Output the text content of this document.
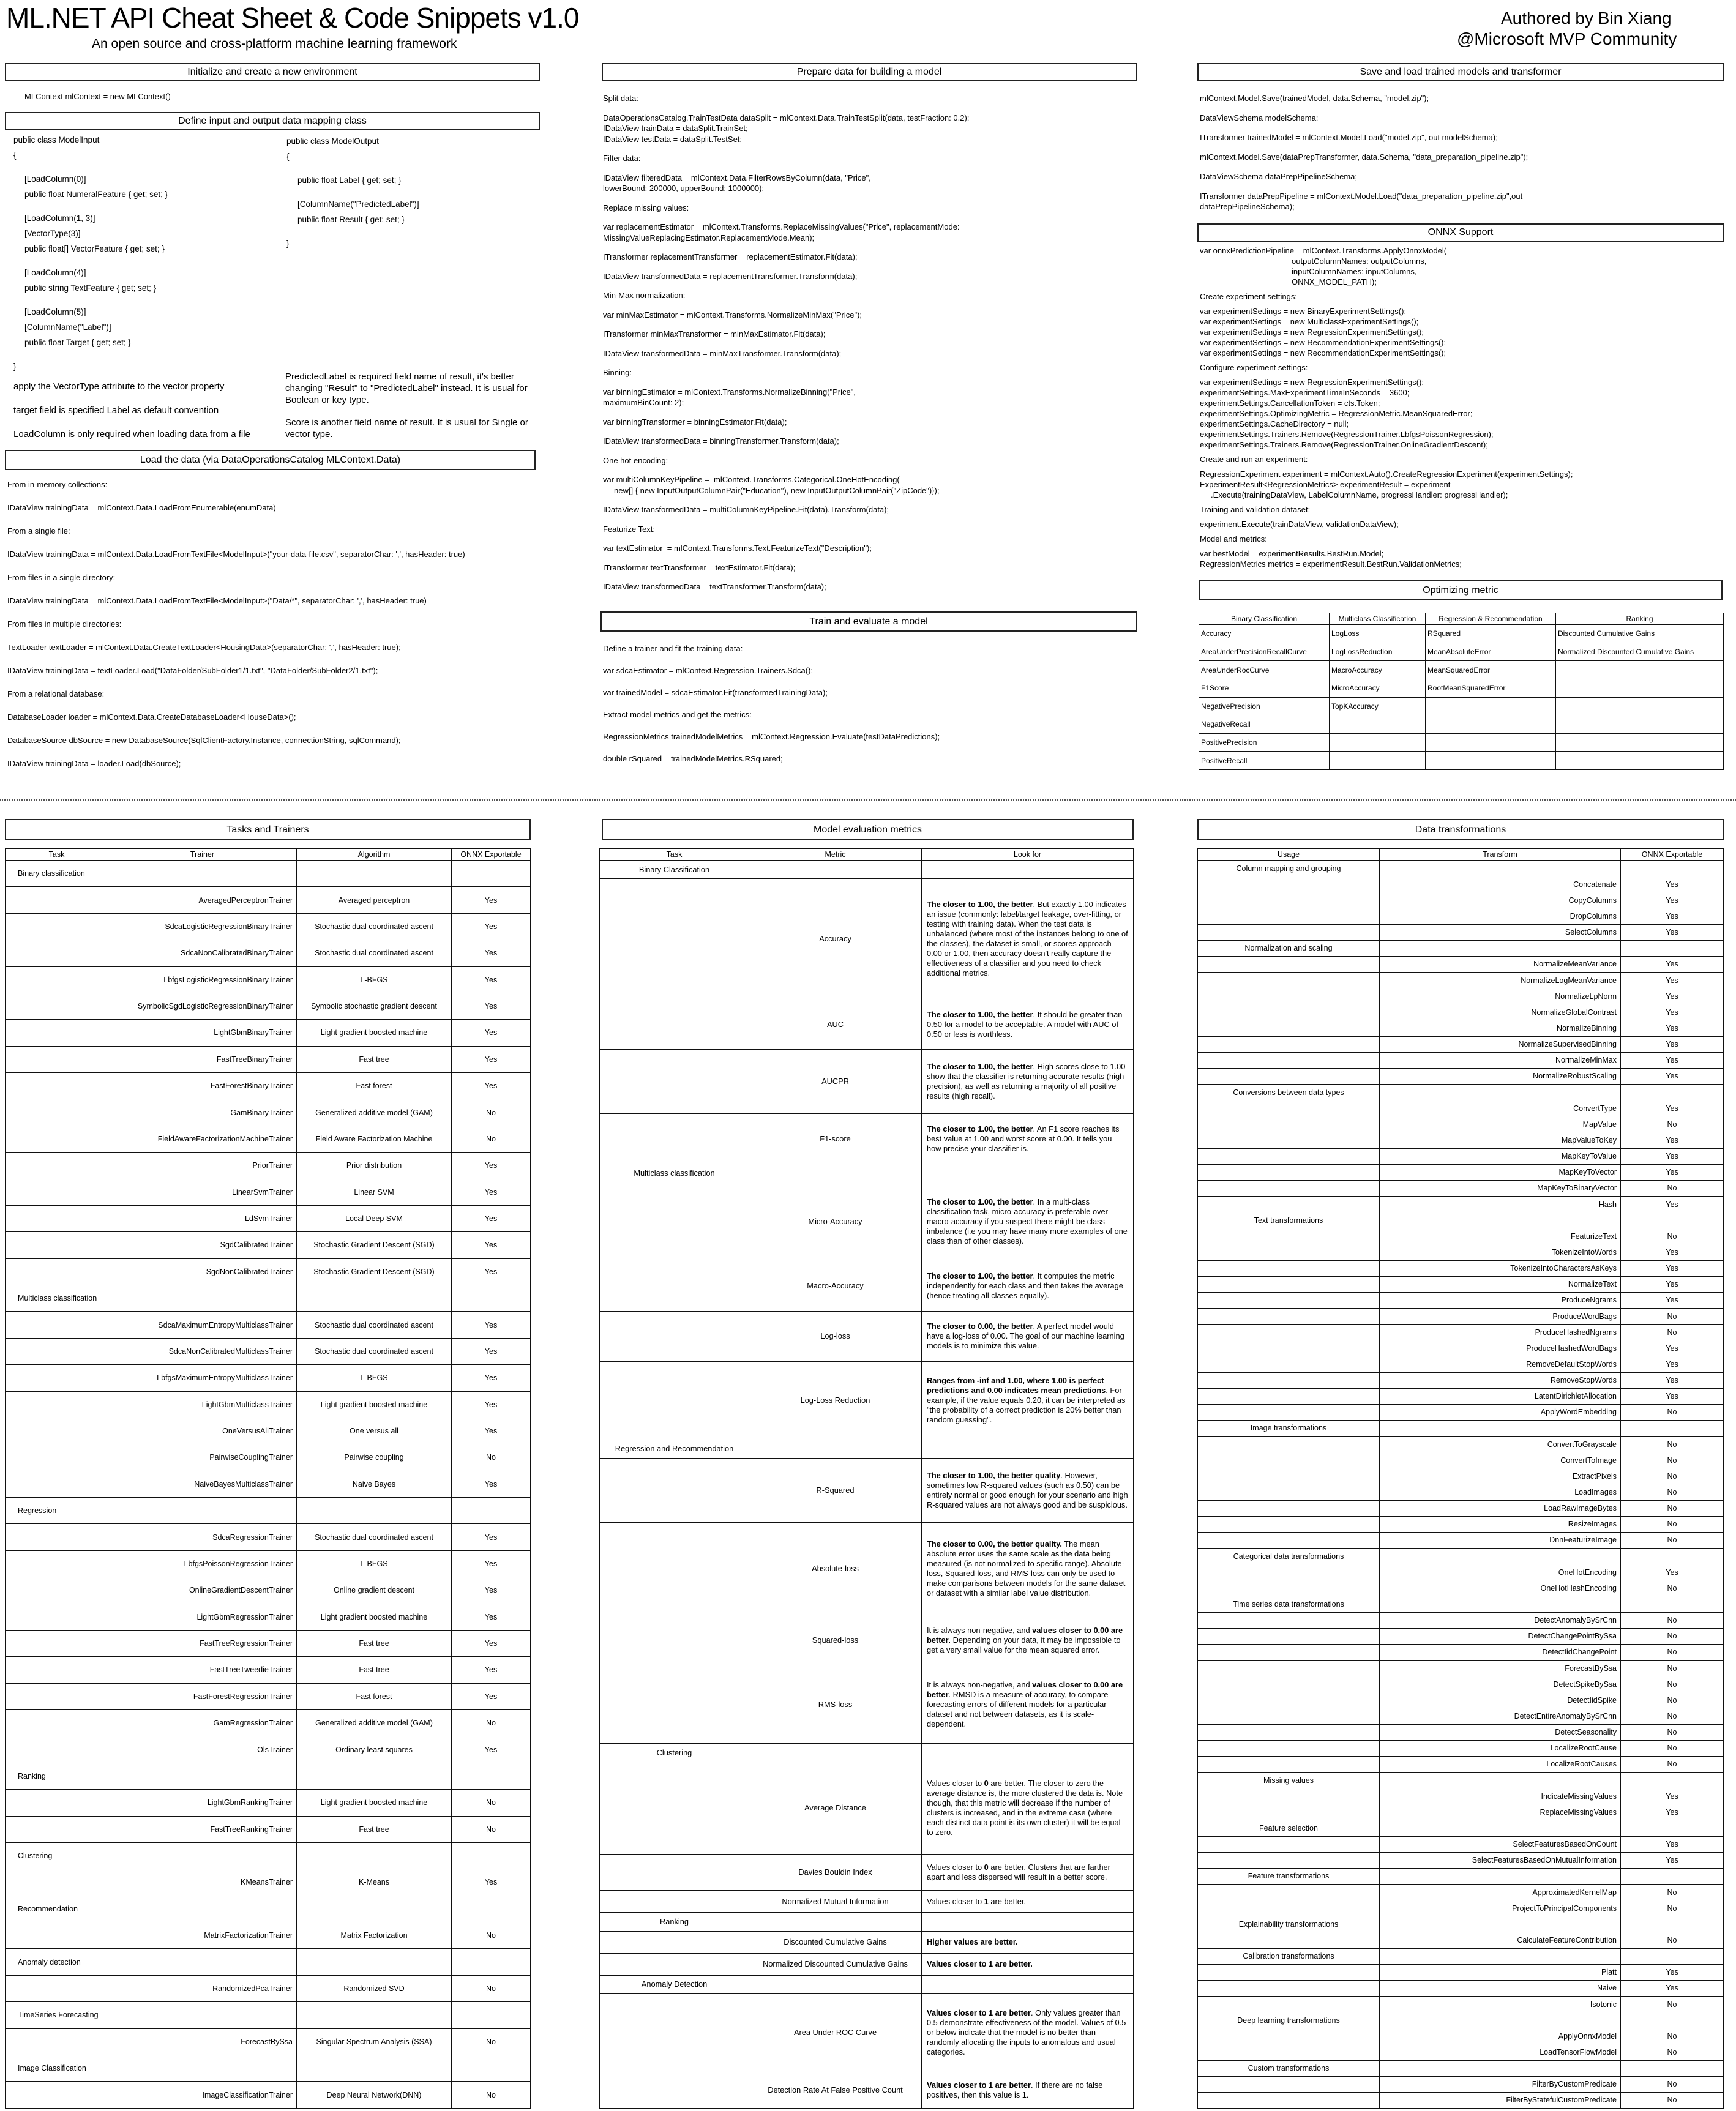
ML.NET API Cheat Sheet & Code Snippets v1.0
An open source and cross-platform machine learning framework
Authored by Bin Xiang
@Microsoft MVP Community
Initialize and create a new environment
MLContext mlContext = new MLContext()
Define input and output data mapping class
public class ModelInput
{
[LoadColumn(0)]
public float NumeralFeature { get; set; }
[LoadColumn(1, 3)]
[VectorType(3)]
public float[] VectorFeature { get; set; }
[LoadColumn(4)]
public string TextFeature { get; set; }
[LoadColumn(5)]
[ColumnName("Label")]
public float Target { get; set; }
}
public class ModelOutput
{
public float Label { get; set; }
[ColumnName("PredictedLabel")]
public float Result { get; set; }
}
apply the VectorType attribute to the vector property
target field is specified Label as default convention
LoadColumn is only required when loading data from a file
PredictedLabel is required field name of result, it's better changing "Result" to "PredictedLabel" instead. It is usual for Boolean or key type.
Score is another field name of result. It is usual for Single or vector type.
Load the data (via DataOperationsCatalog MLContext.Data)
From in-memory collections:
IDataView trainingData = mlContext.Data.LoadFromEnumerable(enumData)
From a single file:
IDataView trainingData = mlContext.Data.LoadFromTextFile<ModelInput>("your-data-file.csv", separatorChar: ',', hasHeader: true)
From files in a single directory:
IDataView trainingData = mlContext.Data.LoadFromTextFile<ModelInput>("Data/*", separatorChar: ',', hasHeader: true)
From files in multiple directories:
TextLoader textLoader = mlContext.Data.CreateTextLoader<HousingData>(separatorChar: ',', hasHeader: true);
IDataView trainingData = textLoader.Load("DataFolder/SubFolder1/1.txt", "DataFolder/SubFolder2/1.txt");
From a relational database:
DatabaseLoader loader = mlContext.Data.CreateDatabaseLoader<HouseData>();
DatabaseSource dbSource = new DatabaseSource(SqlClientFactory.Instance, connectionString, sqlCommand);
IDataView trainingData = loader.Load(dbSource);
Prepare data for building a model
Split data:
DataOperationsCatalog.TrainTestData dataSplit = mlContext.Data.TrainTestSplit(data, testFraction: 0.2);
IDataView trainData = dataSplit.TrainSet;
IDataView testData = dataSplit.TestSet;
Filter data:
IDataView filteredData = mlContext.Data.FilterRowsByColumn(data, "Price",
lowerBound: 200000, upperBound: 1000000);
Replace missing values:
var replacementEstimator = mlContext.Transforms.ReplaceMissingValues("Price", replacementMode:
MissingValueReplacingEstimator.ReplacementMode.Mean);
ITransformer replacementTransformer = replacementEstimator.Fit(data);
IDataView transformedData = replacementTransformer.Transform(data);
Min-Max normalization:
var minMaxEstimator = mlContext.Transforms.NormalizeMinMax("Price");
ITransformer minMaxTransformer = minMaxEstimator.Fit(data);
IDataView transformedData = minMaxTransformer.Transform(data);
Binning:
var binningEstimator = mlContext.Transforms.NormalizeBinning("Price",
maximumBinCount: 2);
var binningTransformer = binningEstimator.Fit(data);
IDataView transformedData = binningTransformer.Transform(data);
One hot encoding:
var multiColumnKeyPipeline =  mlContext.Transforms.Categorical.OneHotEncoding(
new[] { new InputOutputColumnPair("Education"), new InputOutputColumnPair("ZipCode")});
IDataView transformedData = multiColumnKeyPipeline.Fit(data).Transform(data);
Featurize Text:
var textEstimator  = mlContext.Transforms.Text.FeaturizeText("Description");
ITransformer textTransformer = textEstimator.Fit(data);
IDataView transformedData = textTransformer.Transform(data);
Train and evaluate a model
Define a trainer and fit the training data:
var sdcaEstimator = mlContext.Regression.Trainers.Sdca();
var trainedModel = sdcaEstimator.Fit(transformedTrainingData);
Extract model metrics and get the metrics:
RegressionMetrics trainedModelMetrics = mlContext.Regression.Evaluate(testDataPredictions);
double rSquared = trainedModelMetrics.RSquared;
Save and load trained models and transformer
mlContext.Model.Save(trainedModel, data.Schema, "model.zip");
DataViewSchema modelSchema;
ITransformer trainedModel = mlContext.Model.Load("model.zip", out modelSchema);
mlContext.Model.Save(dataPrepTransformer, data.Schema, "data_preparation_pipeline.zip");
DataViewSchema dataPrepPipelineSchema;
ITransformer dataPrepPipeline = mlContext.Model.Load("data_preparation_pipeline.zip",out
dataPrepPipelineSchema);
ONNX Support
var onnxPredictionPipeline = mlContext.Transforms.ApplyOnnxModel(
outputColumnNames: outputColumns,
inputColumnNames: inputColumns,
ONNX_MODEL_PATH);
Create experiment settings:
var experimentSettings = new BinaryExperimentSettings();
var experimentSettings = new MulticlassExperimentSettings();
var experimentSettings = new RegressionExperimentSettings();
var experimentSettings = new RecommendationExperimentSettings();
var experimentSettings = new RecommendationExperimentSettings();
Configure experiment settings:
var experimentSettings = new RegressionExperimentSettings();
experimentSettings.MaxExperimentTimeInSeconds = 3600;
experimentSettings.CancellationToken = cts.Token;
experimentSettings.OptimizingMetric = RegressionMetric.MeanSquaredError;
experimentSettings.CacheDirectory = null;
experimentSettings.Trainers.Remove(RegressionTrainer.LbfgsPoissonRegression);
experimentSettings.Trainers.Remove(RegressionTrainer.OnlineGradientDescent);
Create and run an experiment:
RegressionExperiment experiment = mlContext.Auto().CreateRegressionExperiment(experimentSettings);
ExperimentResult<RegressionMetrics> experimentResult = experiment
.Execute(trainingDataView, LabelColumnName, progressHandler: progressHandler);
Training and validation dataset:
experiment.Execute(trainDataView, validationDataView);
Model and metrics:
var bestModel = experimentResults.BestRun.Model;
RegressionMetrics metrics = experimentResult.BestRun.ValidationMetrics;
Optimizing metric
Binary Classification	Multiclass Classification	Regression & Recommendation	Ranking
Accuracy	LogLoss	RSquared	Discounted Cumulative Gains
AreaUnderPrecisionRecallCurve	LogLossReduction	MeanAbsoluteError	Normalized Discounted Cumulative Gains
AreaUnderRocCurve	MacroAccuracy	MeanSquaredError	
F1Score	MicroAccuracy	RootMeanSquaredError	
NegativePrecision	TopKAccuracy		
NegativeRecall			
PositivePrecision			
PositiveRecall			
Tasks and Trainers
Task	Trainer	Algorithm	ONNX Exportable
Binary classification			
	AveragedPerceptronTrainer	Averaged perceptron	Yes
	SdcaLogisticRegressionBinaryTrainer	Stochastic dual coordinated ascent	Yes
	SdcaNonCalibratedBinaryTrainer	Stochastic dual coordinated ascent	Yes
	LbfgsLogisticRegressionBinaryTrainer	L-BFGS	Yes
	SymbolicSgdLogisticRegressionBinaryTrainer	Symbolic stochastic gradient descent	Yes
	LightGbmBinaryTrainer	Light gradient boosted machine	Yes
	FastTreeBinaryTrainer	Fast tree	Yes
	FastForestBinaryTrainer	Fast forest	Yes
	GamBinaryTrainer	Generalized additive model (GAM)	No
	FieldAwareFactorizationMachineTrainer	Field Aware Factorization Machine	No
	PriorTrainer	Prior distribution	Yes
	LinearSvmTrainer	Linear SVM	Yes
	LdSvmTrainer	Local Deep SVM	Yes
	SgdCalibratedTrainer	Stochastic Gradient Descent (SGD)	Yes
	SgdNonCalibratedTrainer	Stochastic Gradient Descent (SGD)	Yes
Multiclass classification			
	SdcaMaximumEntropyMulticlassTrainer	Stochastic dual coordinated ascent	Yes
	SdcaNonCalibratedMulticlassTrainer	Stochastic dual coordinated ascent	Yes
	LbfgsMaximumEntropyMulticlassTrainer	L-BFGS	Yes
	LightGbmMulticlassTrainer	Light gradient boosted machine	Yes
	OneVersusAllTrainer	One versus all	Yes
	PairwiseCouplingTrainer	Pairwise coupling	No
	NaiveBayesMulticlassTrainer	Naive Bayes	Yes
Regression			
	SdcaRegressionTrainer	Stochastic dual coordinated ascent	Yes
	LbfgsPoissonRegressionTrainer	L-BFGS	Yes
	OnlineGradientDescentTrainer	Online gradient descent	Yes
	LightGbmRegressionTrainer	Light gradient boosted machine	Yes
	FastTreeRegressionTrainer	Fast tree	Yes
	FastTreeTweedieTrainer	Fast tree	Yes
	FastForestRegressionTrainer	Fast forest	Yes
	GamRegressionTrainer	Generalized additive model (GAM)	No
	OlsTrainer	Ordinary least squares	Yes
Ranking			
	LightGbmRankingTrainer	Light gradient boosted machine	No
	FastTreeRankingTrainer	Fast tree	No
Clustering			
	KMeansTrainer	K-Means	Yes
Recommendation			
	MatrixFactorizationTrainer	Matrix Factorization	No
Anomaly detection			
	RandomizedPcaTrainer	Randomized SVD	No
TimeSeries Forecasting			
	ForecastBySsa	Singular Spectrum Analysis (SSA)	No
Image Classification			
	ImageClassificationTrainer	Deep Neural Network(DNN)	No
Model evaluation metrics
Task	Metric	Look for
Binary Classification		
	Accuracy	The closer to 1.00, the better. But exactly 1.00 indicates an issue (commonly: label/target leakage, over-fitting, or testing with training data). When the test data is unbalanced (where most of the instances belong to one of the classes), the dataset is small, or scores approach 0.00 or 1.00, then accuracy doesn't really capture the effectiveness of a classifier and you need to check additional metrics.
	AUC	The closer to 1.00, the better. It should be greater than 0.50 for a model to be acceptable. A model with AUC of 0.50 or less is worthless.
	AUCPR	The closer to 1.00, the better. High scores close to 1.00 show that the classifier is returning accurate results (high precision), as well as returning a majority of all positive results (high recall).
	F1-score	The closer to 1.00, the better. An F1 score reaches its best value at 1.00 and worst score at 0.00. It tells you how precise your classifier is.
Multiclass classification		
	Micro-Accuracy	The closer to 1.00, the better. In a multi-class classification task, micro-accuracy is preferable over macro-accuracy if you suspect there might be class imbalance (i.e you may have many more examples of one class than of other classes).
	Macro-Accuracy	The closer to 1.00, the better. It computes the metric independently for each class and then takes the average (hence treating all classes equally).
	Log-loss	The closer to 0.00, the better. A perfect model would have a log-loss of 0.00. The goal of our machine learning models is to minimize this value.
	Log-Loss Reduction	Ranges from -inf and 1.00, where 1.00 is perfect predictions and 0.00 indicates mean predictions. For example, if the value equals 0.20, it can be interpreted as "the probability of a correct prediction is 20% better than random guessing".
Regression and Recommendation		
	R-Squared	The closer to 1.00, the better quality. However, sometimes low R-squared values (such as 0.50) can be entirely normal or good enough for your scenario and high R-squared values are not always good and be suspicious.
	Absolute-loss	The closer to 0.00, the better quality. The mean absolute error uses the same scale as the data being measured (is not normalized to specific range). Absolute-loss, Squared-loss, and RMS-loss can only be used to make comparisons between models for the same dataset or dataset with a similar label value distribution.
	Squared-loss	It is always non-negative, and values closer to 0.00 are better. Depending on your data, it may be impossible to get a very small value for the mean squared error.
	RMS-loss	It is always non-negative, and values closer to 0.00 are better. RMSD is a measure of accuracy, to compare forecasting errors of different models for a particular dataset and not between datasets, as it is scale-dependent.
Clustering		
	Average Distance	Values closer to 0 are better. The closer to zero the average distance is, the more clustered the data is. Note though, that this metric will decrease if the number of clusters is increased, and in the extreme case (where each distinct data point is its own cluster) it will be equal to zero.
	Davies Bouldin Index	Values closer to 0 are better. Clusters that are farther apart and less dispersed will result in a better score.
	Normalized Mutual Information	Values closer to 1 are better.
Ranking		
	Discounted Cumulative Gains	Higher values are better.
	Normalized Discounted Cumulative Gains	Values closer to 1 are better.
Anomaly Detection		
	Area Under ROC Curve	Values closer to 1 are better. Only values greater than 0.5 demonstrate effectiveness of the model. Values of 0.5 or below indicate that the model is no better than randomly allocating the inputs to anomalous and usual categories.
	Detection Rate At False Positive Count	Values closer to 1 are better. If there are no false positives, then this value is 1.
Data transformations
Usage	Transform	ONNX Exportable
Column mapping and grouping		
	Concatenate	Yes
	CopyColumns	Yes
	DropColumns	Yes
	SelectColumns	Yes
Normalization and scaling		
	NormalizeMeanVariance	Yes
	NormalizeLogMeanVariance	Yes
	NormalizeLpNorm	Yes
	NormalizeGlobalContrast	Yes
	NormalizeBinning	Yes
	NormalizeSupervisedBinning	Yes
	NormalizeMinMax	Yes
	NormalizeRobustScaling	Yes
Conversions between data types		
	ConvertType	Yes
	MapValue	No
	MapValueToKey	Yes
	MapKeyToValue	Yes
	MapKeyToVector	Yes
	MapKeyToBinaryVector	No
	Hash	Yes
Text transformations		
	FeaturizeText	No
	TokenizeIntoWords	Yes
	TokenizeIntoCharactersAsKeys	Yes
	NormalizeText	Yes
	ProduceNgrams	Yes
	ProduceWordBags	No
	ProduceHashedNgrams	No
	ProduceHashedWordBags	Yes
	RemoveDefaultStopWords	Yes
	RemoveStopWords	Yes
	LatentDirichletAllocation	Yes
	ApplyWordEmbedding	No
Image transformations		
	ConvertToGrayscale	No
	ConvertToImage	No
	ExtractPixels	No
	LoadImages	No
	LoadRawImageBytes	No
	ResizeImages	No
	DnnFeaturizeImage	No
Categorical data transformations		
	OneHotEncoding	Yes
	OneHotHashEncoding	No
Time series data transformations		
	DetectAnomalyBySrCnn	No
	DetectChangePointBySsa	No
	DetectIidChangePoint	No
	ForecastBySsa	No
	DetectSpikeBySsa	No
	DetectIidSpike	No
	DetectEntireAnomalyBySrCnn	No
	DetectSeasonality	No
	LocalizeRootCause	No
	LocalizeRootCauses	No
Missing values		
	IndicateMissingValues	Yes
	ReplaceMissingValues	Yes
Feature selection		
	SelectFeaturesBasedOnCount	Yes
	SelectFeaturesBasedOnMutualInformation	Yes
Feature transformations		
	ApproximatedKernelMap	No
	ProjectToPrincipalComponents	No
Explainability transformations		
	CalculateFeatureContribution	No
Calibration transformations		
	Platt	Yes
	Naive	Yes
	Isotonic	No
Deep learning transformations		
	ApplyOnnxModel	No
	LoadTensorFlowModel	No
Custom transformations		
	FilterByCustomPredicate	No
	FilterByStatefulCustomPredicate	No
